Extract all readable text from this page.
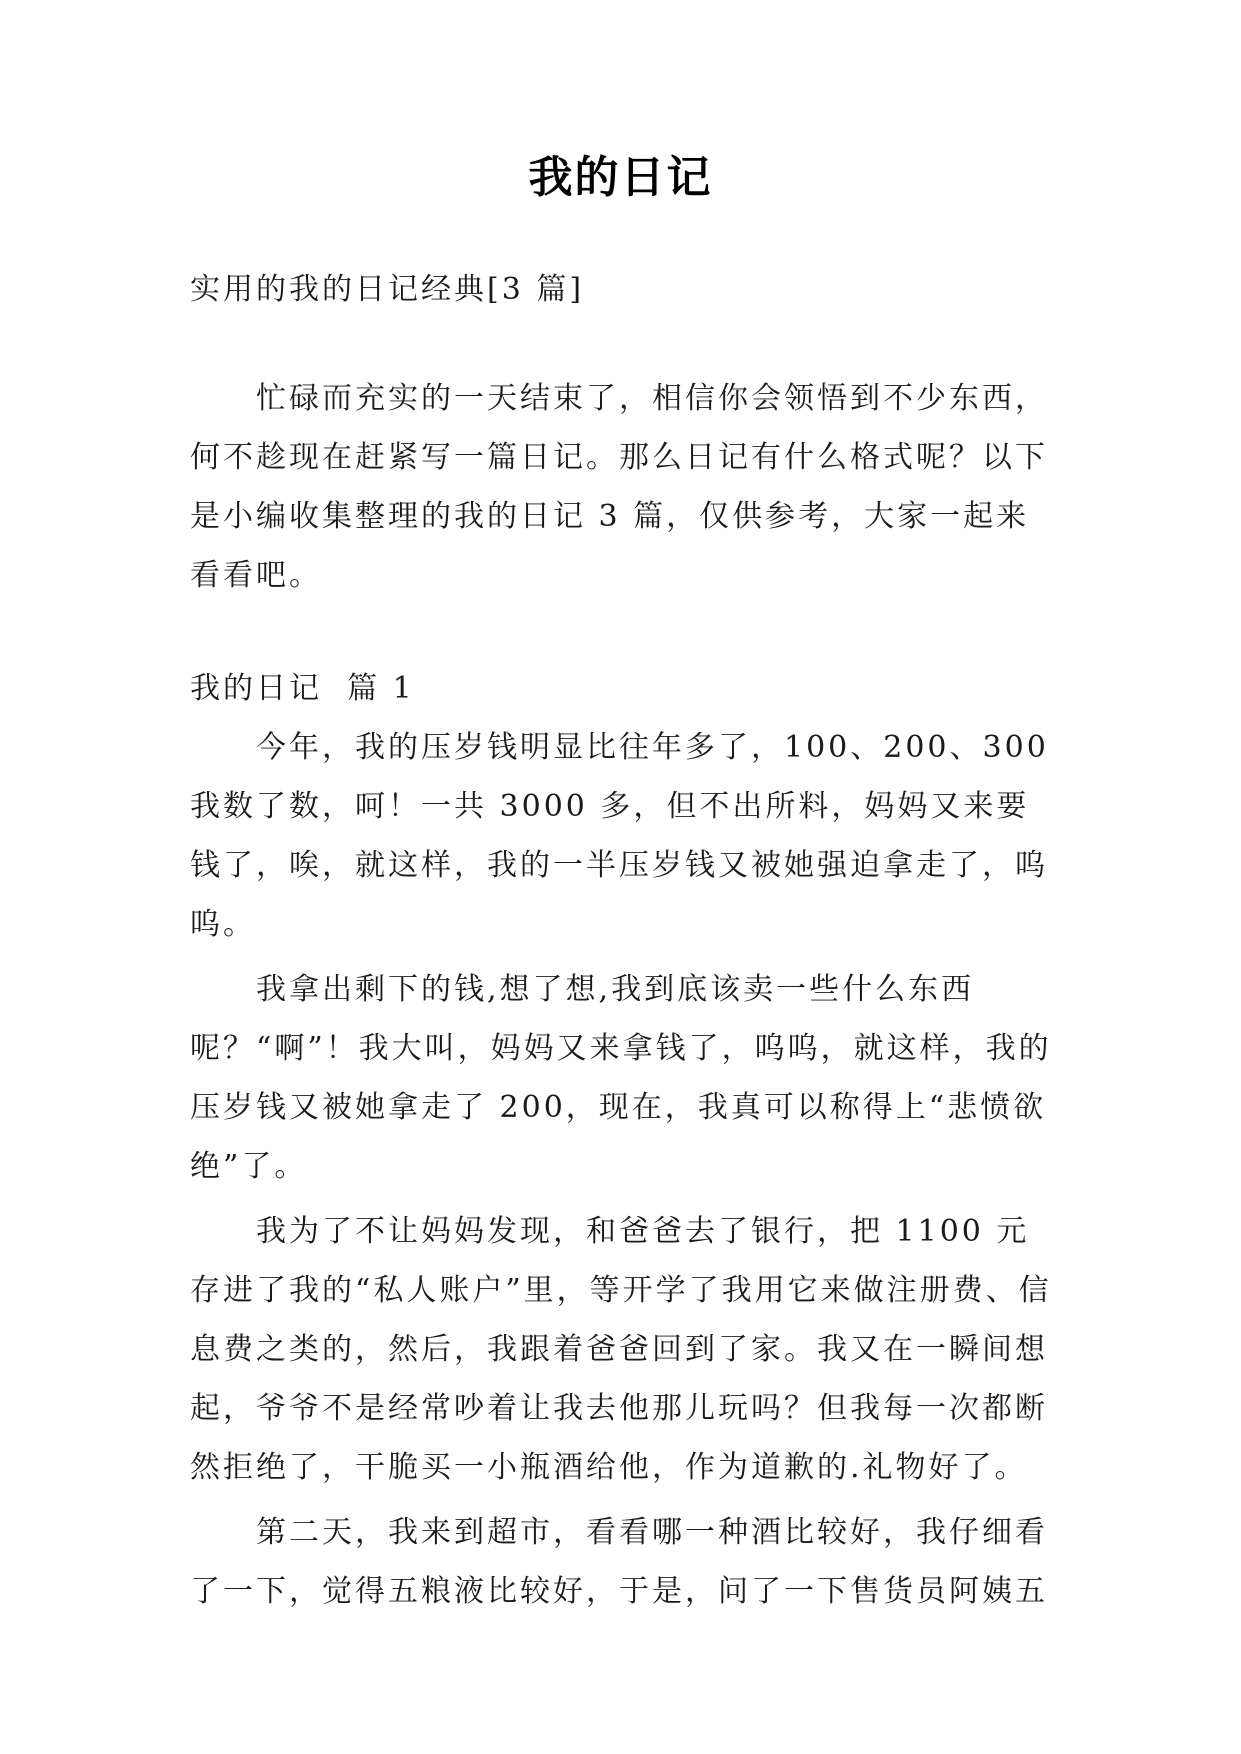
我的日记

实用的我的日记经典[3 篇]

忙碌而充实的一天结束了，相信你会领悟到不少东西，何不趁现在赶紧写一篇日记。那么日记有什么格式呢？以下是小编收集整理的我的日记 3 篇，仅供参考，大家一起来看看吧。

我的日记  篇 1

今年，我的压岁钱明显比往年多了，100、200、300 我数了数，呵！一共 3000 多，但不出所料，妈妈又来要钱了，唉，就这样，我的一半压岁钱又被她强迫拿走了，呜呜。

我拿出剩下的钱,想了想,我到底该卖一些什么东西呢？“啊”！我大叫，妈妈又来拿钱了，呜呜，就这样，我的压岁钱又被她拿走了 200，现在，我真可以称得上“悲愤欲绝”了。

我为了不让妈妈发现，和爸爸去了银行，把 1100 元存进了我的“私人账户”里，等开学了我用它来做注册费、信息费之类的，然后，我跟着爸爸回到了家。我又在一瞬间想起，爷爷不是经常吵着让我去他那儿玩吗？但我每一次都断然拒绝了，干脆买一小瓶酒给他，作为道歉的.礼物好了。

第二天，我来到超市，看看哪一种酒比较好，我仔细看了一下，觉得五粮液比较好，于是，问了一下售货员阿姨五
